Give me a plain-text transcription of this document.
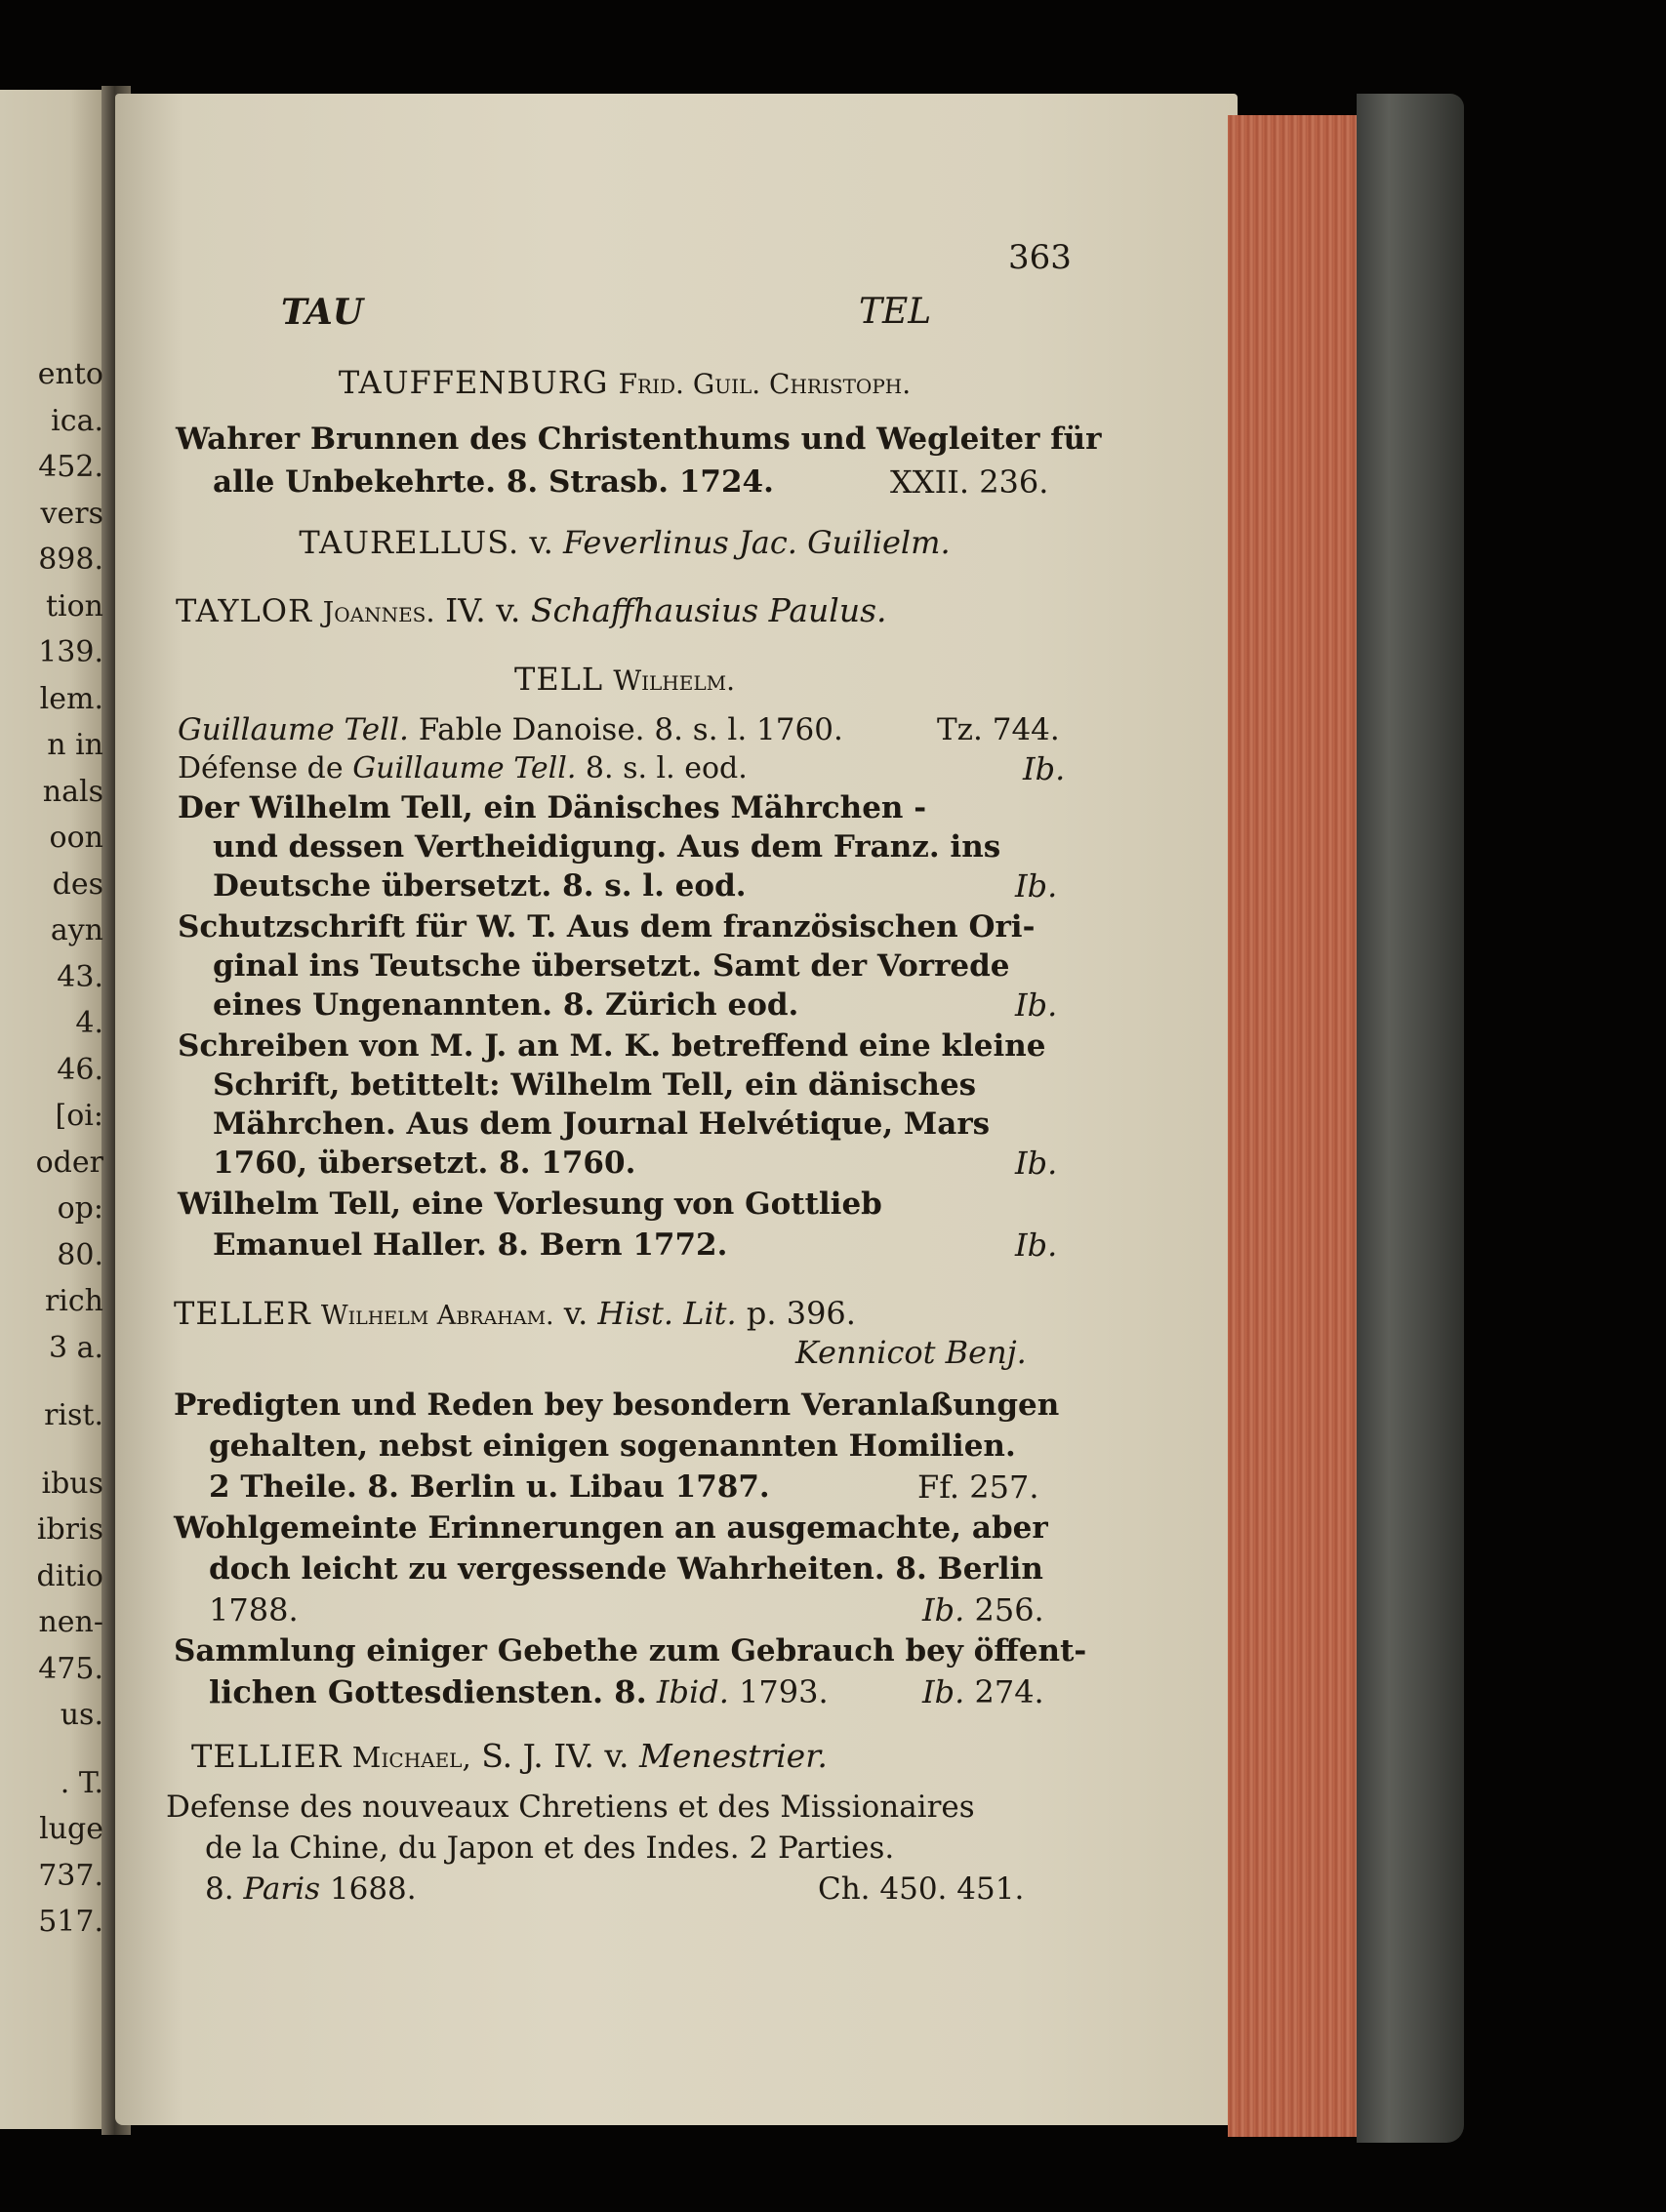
ento
ica.
452.
vers
898.
tion
139.
lem.
n in
nals
oon
des
ayn
43.
4.
46.
[oi:
oder
op:
80.
rich
3 a.
rist.
ibus
ibris
ditio
nen-
475.
us.
. T.
luge
737.
517.
363
TAU	TEL
TAUFFENBURG Frid. Guil. Christoph.
Wahrer Brunnen des Christenthums und Wegleiter für
alle Unbekehrte. 8. Strasb. 1724.	XXII. 236.
TAURELLUS. v. Feverlinus Jac. Guilielm.
TAYLOR Joannes. IV. v. Schaffhausius Paulus.
TELL Wilhelm.
Guillaume Tell. Fable Danoise. 8. s. l. 1760.	Tz. 744.
Défense de Guillaume Tell. 8. s. l. eod.	Ib.
Der Wilhelm Tell, ein Dänisches Mährchen -
und dessen Vertheidigung. Aus dem Franz. ins
Deutsche übersetzt. 8. s. l. eod.	Ib.
Schutzschrift für W. T. Aus dem französischen Ori-
ginal ins Teutsche übersetzt. Samt der Vorrede
eines Ungenannten. 8. Zürich eod.	Ib.
Schreiben von M. J. an M. K. betreffend eine kleine
Schrift, betittelt: Wilhelm Tell, ein dänisches
Mährchen. Aus dem Journal Helvétique, Mars
1760, übersetzt. 8. 1760.	Ib.
Wilhelm Tell, eine Vorlesung von Gottlieb
Emanuel Haller. 8. Bern 1772.	Ib.
TELLER Wilhelm Abraham. v. Hist. Lit. p. 396.
Kennicot Benj.
Predigten und Reden bey besondern Veranlaßungen
gehalten, nebst einigen sogenannten Homilien.
2 Theile. 8. Berlin u. Libau 1787.	Ff. 257.
Wohlgemeinte Erinnerungen an ausgemachte, aber
doch leicht zu vergessende Wahrheiten. 8. Berlin
1788.	Ib. 256.
Sammlung einiger Gebethe zum Gebrauch bey öffent-
lichen Gottesdiensten. 8. Ibid. 1793.	Ib. 274.
TELLIER Michael, S. J. IV. v. Menestrier.
Defense des nouveaux Chretiens et des Missionaires
de la Chine, du Japon et des Indes. 2 Parties.
8. Paris 1688.	Ch. 450. 451.
